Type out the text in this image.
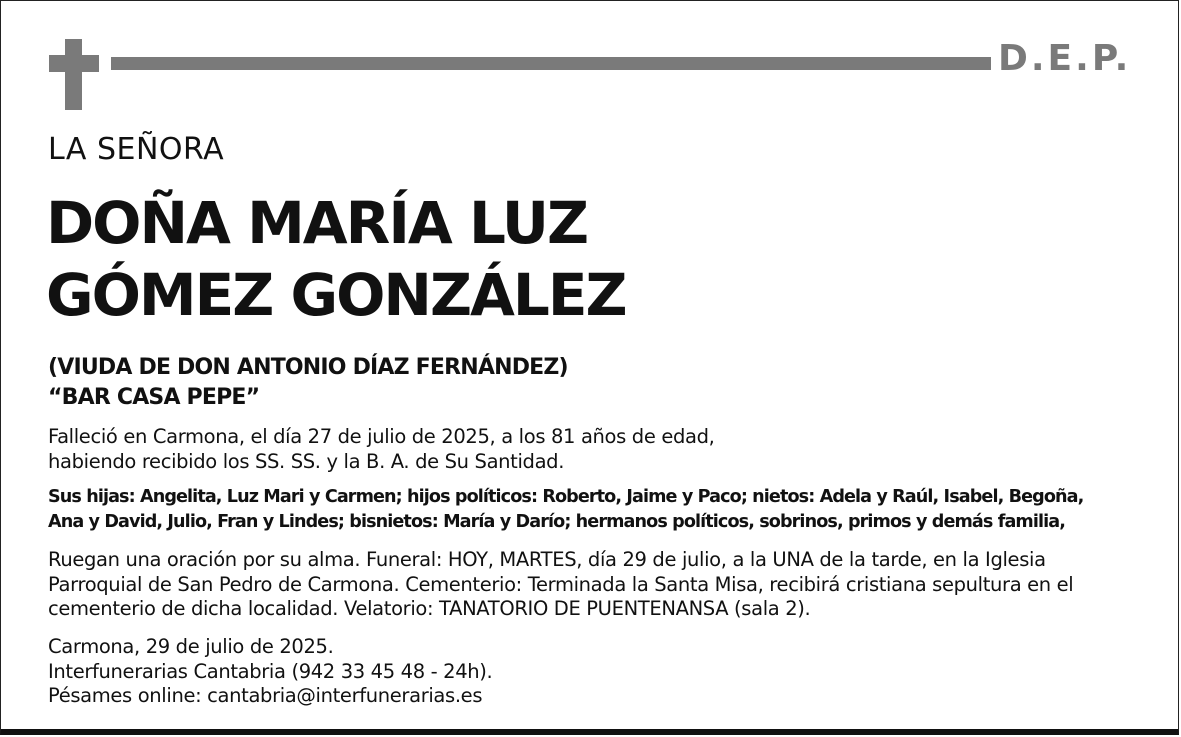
D.E.P.
LA SEÑORA
DOÑA MARÍA LUZ
GÓMEZ GONZÁLEZ
(VIUDA DE DON ANTONIO DÍAZ FERNÁNDEZ)
“BAR CASA PEPE”
Falleció en Carmona, el día 27 de julio de 2025, a los 81 años de edad,
habiendo recibido los SS. SS. y la B. A. de Su Santidad.
Sus hijas: Angelita, Luz Mari y Carmen; hijos políticos: Roberto, Jaime y Paco; nietos: Adela y Raúl, Isabel, Begoña,
Ana y David, Julio, Fran y Lindes; bisnietos: María y Darío; hermanos políticos, sobrinos, primos y demás familia,
Ruegan una oración por su alma. Funeral: HOY, MARTES, día 29 de julio, a la UNA de la tarde, en la Iglesia
Parroquial de San Pedro de Carmona. Cementerio: Terminada la Santa Misa, recibirá cristiana sepultura en el
cementerio de dicha localidad. Velatorio: TANATORIO DE PUENTENANSA (sala 2).
Carmona, 29 de julio de 2025.
Interfunerarias Cantabria (942 33 45 48 - 24h).
Pésames online: cantabria@interfunerarias.es
